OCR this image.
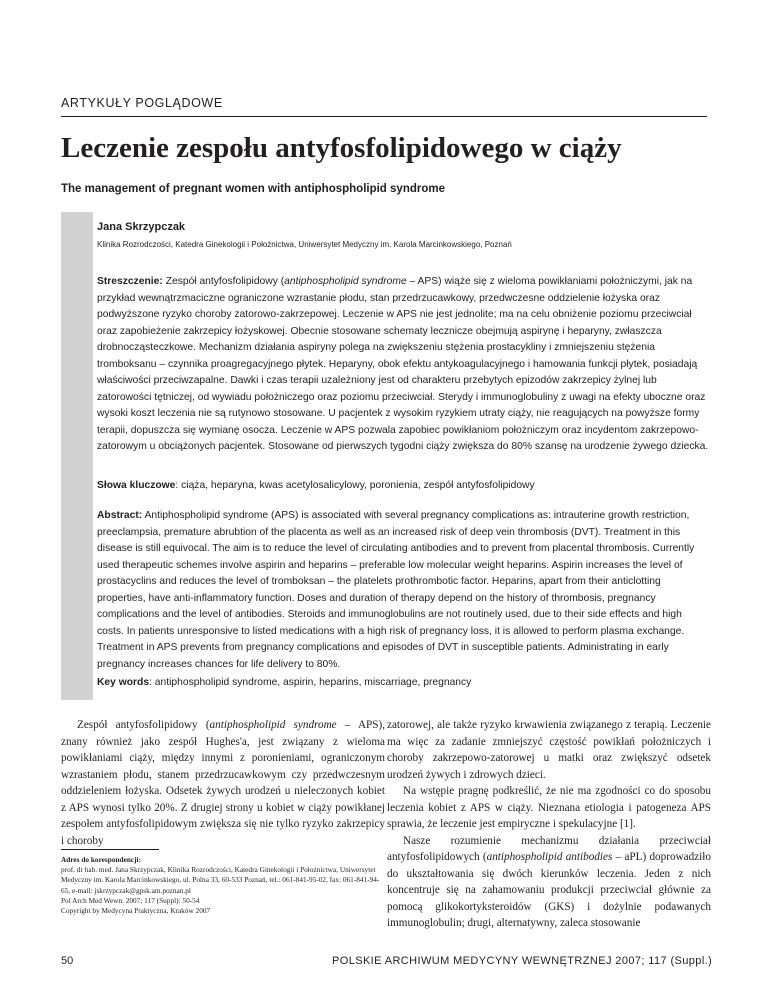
ARTYKUŁY POGLĄDOWE
Leczenie zespołu antyfosfolipidowego w ciąży
The management of pregnant women with antiphospholipid syndrome
Jana Skrzypczak
Klinika Rozrodczości, Katedra Ginekologii i Położnictwa, Uniwersytet Medyczny im. Karola Marcinkowskiego, Poznań
Streszczenie: Zespół antyfosfolipidowy (antiphospholipid syndrome – APS) wiąże się z wieloma powikłaniami położniczymi, jak na przykład wewnątrzmaciczne ograniczone wzrastanie płodu, stan przedrzucawkowy, przedwczesne oddzielenie łożyska oraz podwyższone ryzyko choroby zatorowo-zakrzepowej. Leczenie w APS nie jest jednolite; ma na celu obniżenie poziomu przeciwciał oraz zapobieżenie zakrzepicy łożyskowej. Obecnie stosowane schematy lecznicze obejmują aspirynę i heparyny, zwłaszcza drobnocząsteczkowe. Mechanizm działania aspiryny polega na zwiększeniu stężenia prostacykliny i zmniejszeniu stężenia tromboksanu – czynnika proagregacyjnego płytek. Heparyny, obok efektu antykoagulacyjnego i hamowania funkcji płytek, posiadają właściwości przeciwzapalne. Dawki i czas terapii uzależniony jest od charakteru przebytych epizodów zakrzepicy żylnej lub zatorowości tętniczej, od wywiadu położniczego oraz poziomu przeciwciał. Sterydy i immunoglobuliny z uwagi na efekty uboczne oraz wysoki koszt leczenia nie są rutynowo stosowane. U pacjentek z wysokim ryzykiem utraty ciąży, nie reagujących na powyższe formy terapii, dopuszcza się wymianę osocza. Leczenie w APS pozwala zapobiec powikłaniom położniczym oraz incydentom zakrzepowo-zatorowym u obciążonych pacjentek. Stosowane od pierwszych tygodni ciąży zwiększa do 80% szansę na urodzenie żywego dziecka.
Słowa kluczowe: ciąża, heparyna, kwas acetylosalicylowy, poronienia, zespół antyfosfolipidowy
Abstract: Antiphospholipid syndrome (APS) is associated with several pregnancy complications as: intrauterine growth restriction, preeclampsia, premature abrubtion of the placenta as well as an increased risk of deep vein thrombosis (DVT). Treatment in this disease is still equivocal. The aim is to reduce the level of circulating antibodies and to prevent from placental thrombosis. Currently used therapeutic schemes involve aspirin and heparins – preferable low molecular weight heparins. Aspirin increases the level of prostacyclins and reduces the level of tromboksan – the platelets prothrombotic factor. Heparins, apart from their anticlotting properties, have anti-inflammatory function. Doses and duration of therapy depend on the history of thrombosis, pregnancy complications and the level of antibodies. Steroids and immunoglobulins are not routinely used, due to their side effects and high costs. In patients unresponsive to listed medications with a high risk of pregnancy loss, it is allowed to perform plasma exchange. Treatment in APS prevents from pregnancy complications and episodes of DVT in susceptible patients. Administrating in early pregnancy increases chances for life delivery to 80%.
Key words: antiphospholipid syndrome, aspirin, heparins, miscarriage, pregnancy

Zespół antyfosfolipidowy (antiphospholipid syndrome – APS), znany również jako zespół Hughes'a, jest związany z wieloma powikłaniami ciąży, między innymi z poronieniami, ograniczonym wzrastaniem płodu, stanem przedrzucawkowym czy przedwczesnym oddzieleniem łożyska. Odsetek żywych urodzeń u nieleczonych kobiet z APS wynosi tylko 20%. Z drugiej strony u kobiet w ciąży powikłanej zespołem antyfosfolipidowym zwiększa się nie tylko ryzyko zakrzepicy i choroby

zatorowej, ale także ryzyko krwawienia związanego z terapią. Leczenie ma więc za zadanie zmniejszyć częstość powikłań położniczych i choroby zakrzepowo-zatorowej u matki oraz zwiększyć odsetek urodzeń żywych i zdrowych dzieci.

Na wstępie pragnę podkreślić, że nie ma zgodności co do sposobu leczenia kobiet z APS w ciąży. Nieznana etiologia i patogeneza APS sprawia, że leczenie jest empiryczne i spekulacyjne [1].

Nasze rozumienie mechanizmu działania przeciwciał antyfosfolipidowych (antiphospholipid antibodies – aPL) doprowadziło do ukształtowania się dwóch kierunków leczenia. Jeden z nich koncentruje się na zahamowaniu produkcji przeciwciał głównie za pomocą glikokortyksteroidów (GKS) i dożylnie podawanych immunoglobulin; drugi, alternatywny, zaleca stosowanie

Adres do korespondencji:
prof. dr hab. med. Jana Skrzypczak, Klinika Rozrodczości, Katedra Ginekologii i Położnictwa, Uniwersytet Medyczny im. Karola Marcinkowskiego, ul. Polna 33, 60-533 Poznań, tel.: 061-841-95-02, fax: 061-841-94-65, e-mail: jskrzypczak@gpsk.am.poznan.pl
Pol Arch Med Wewn. 2007; 117 (Suppl): 50-54
Copyright by Medycyna Praktyczna, Kraków 2007
50	POLSKIE ARCHIWUM MEDYCYNY WEWNĘTRZNEJ 2007; 117 (Suppl.)
